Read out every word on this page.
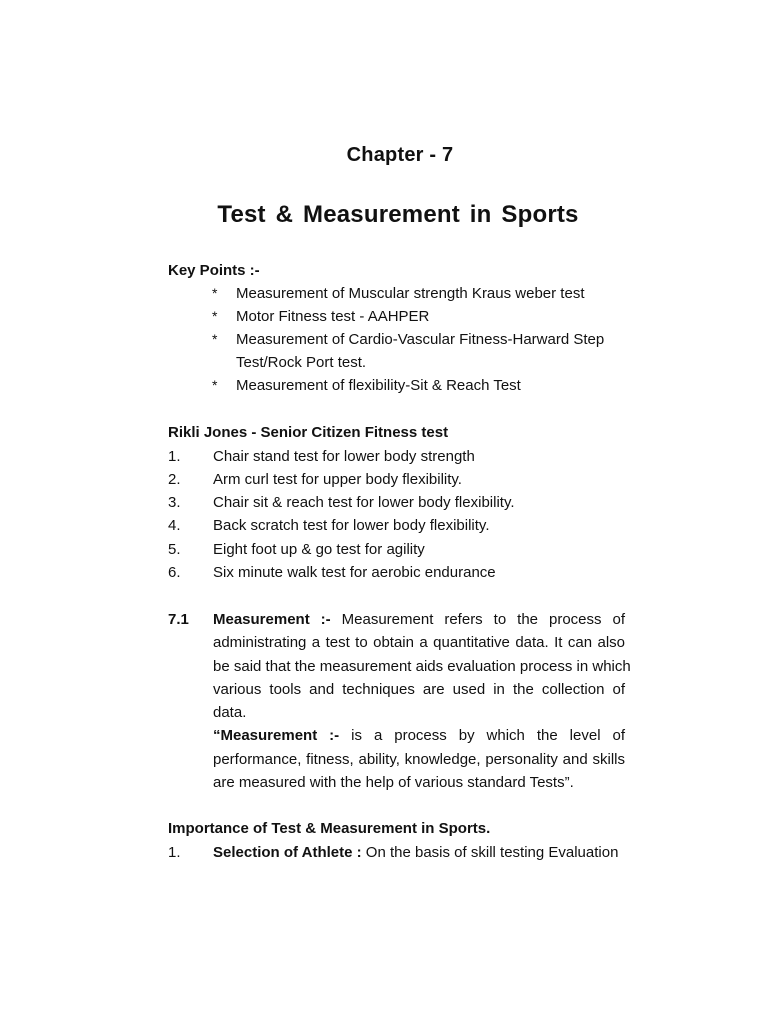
Chapter - 7
Test & Measurement in Sports
Key Points :-
* Measurement of Muscular strength Kraus weber test
* Motor Fitness test - AAHPER
* Measurement of Cardio-Vascular Fitness-Harward Step
Test/Rock Port test.
* Measurement of flexibility-Sit & Reach Test
Rikli Jones - Senior Citizen Fitness test
1. Chair stand test for lower body strength
2. Arm curl test for upper body flexibility.
3. Chair sit & reach test for lower body flexibility.
4. Back scratch test for lower body flexibility.
5. Eight foot up & go test for agility
6. Six minute walk test for aerobic endurance
7.1 Measurement :- Measurement refers to the process of
administrating a test to obtain a quantitative data. It can also
be said that the measurement aids evaluation process in which
various tools and techniques are used in the collection of
data.
“Measurement :- is a process by which the level of
performance, fitness, ability, knowledge, personality and skills
are measured with the help of various standard Tests”.
Importance of Test & Measurement in Sports.
1. Selection of Athlete : On the basis of skill testing Evaluation
